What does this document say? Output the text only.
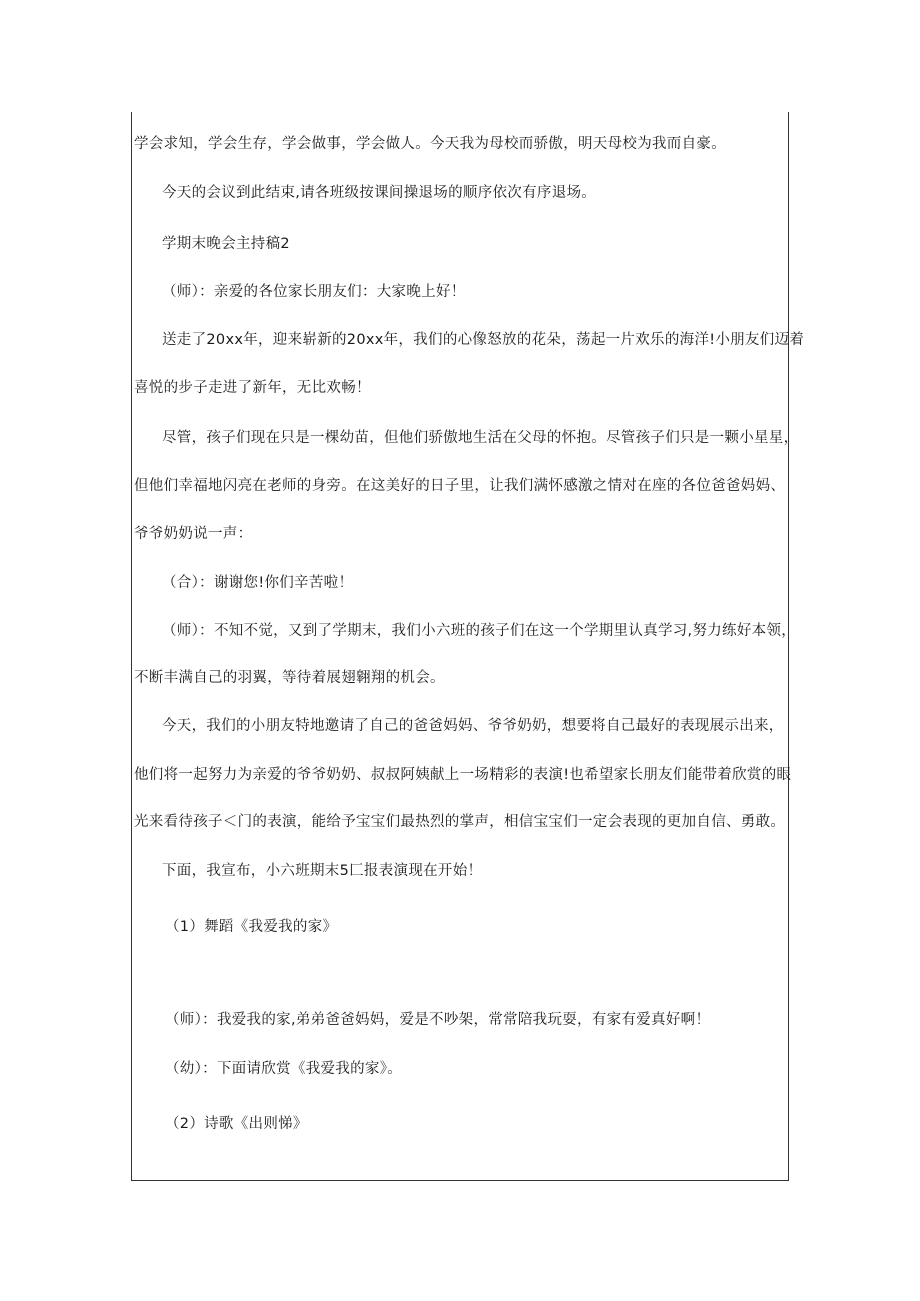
学会求知，学会生存，学会做事，学会做人。今天我为母校而骄傲，明天母校为我而自豪。
今天的会议到此结束,请各班级按课间操退场的顺序依次有序退场。
学期末晚会主持稿2
（师）：亲爱的各位家长朋友们：大家晚上好！
送走了20xx年，迎来崭新的20xx年，我们的心像怒放的花朵，荡起一片欢乐的海洋!小朋友们迈着
喜悦的步子走进了新年，无比欢畅！
尽管，孩子们现在只是一棵幼苗，但他们骄傲地生活在父母的怀抱。尽管孩子们只是一颗小星星，
但他们幸福地闪亮在老师的身旁。在这美好的日子里，让我们满怀感激之情对在座的各位爸爸妈妈、
爷爷奶奶说一声：
（合）：谢谢您!你们辛苦啦！
（师）：不知不觉，又到了学期末，我们小六班的孩子们在这一个学期里认真学习,努力练好本领，
不断丰满自己的羽翼，等待着展翅翱翔的机会。
今天，我们的小朋友特地邀请了自己的爸爸妈妈、爷爷奶奶，想要将自己最好的表现展示出来，
他们将一起努力为亲爱的爷爷奶奶、叔叔阿姨献上一场精彩的表演!也希望家长朋友们能带着欣赏的眼
光来看待孩子＜门的表演，能给予宝宝们最热烈的掌声，相信宝宝们一定会表现的更加自信、勇敢。
下面，我宣布，小六班期末5匚报表演现在开始！
（1）舞蹈《我爱我的家》
（师）：我爱我的家,弟弟爸爸妈妈，爱是不吵架，常常陪我玩耍，有家有爱真好啊！
（幼）：下面请欣赏《我爱我的家》。
（2）诗歌《出则悌》
